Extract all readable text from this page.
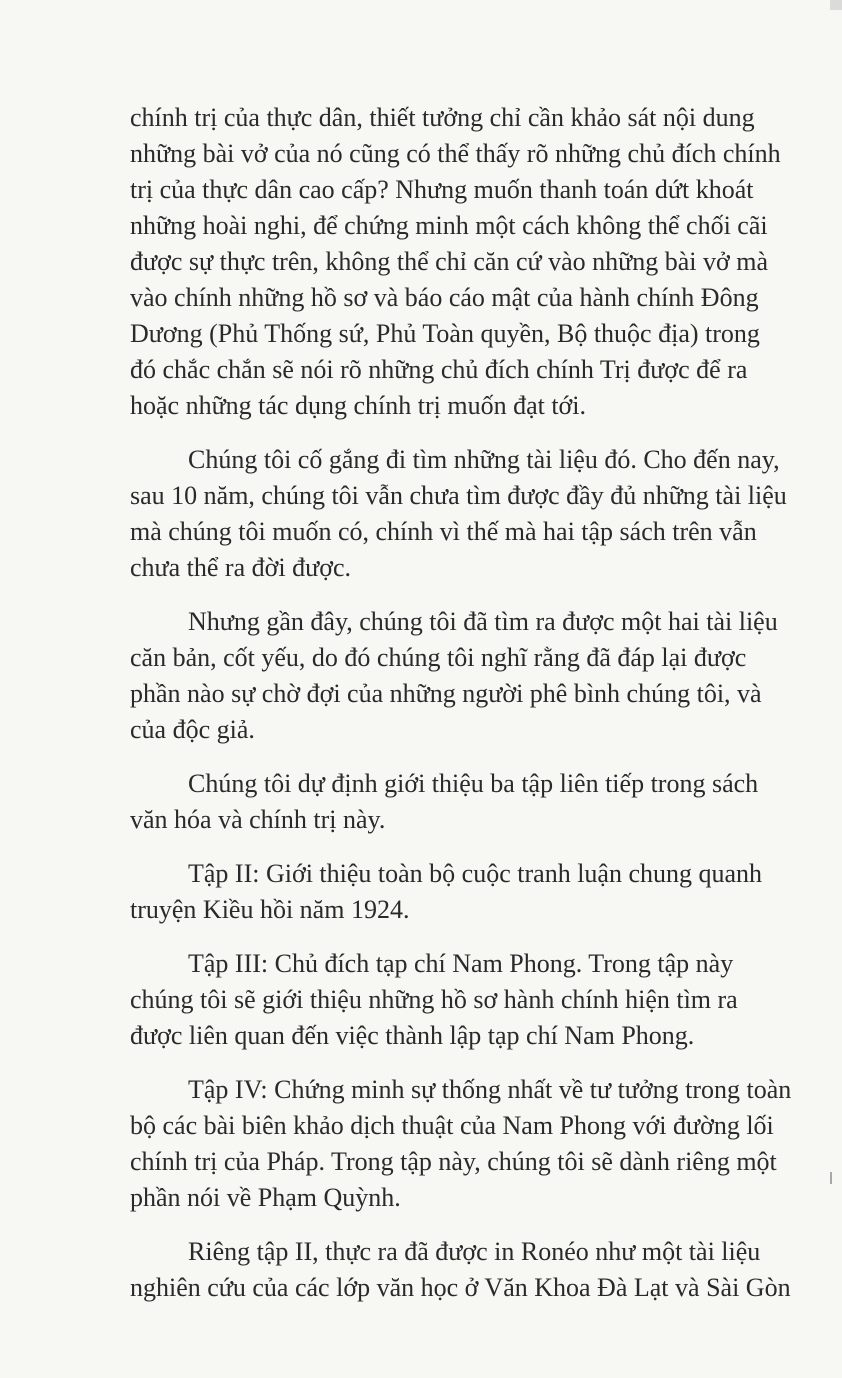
chính trị của thực dân, thiết tưởng chỉ cần khảo sát nội dung
những bài vở của nó cũng có thể thấy rõ những chủ đích chính
trị của thực dân cao cấp? Nhưng muốn thanh toán dứt khoát
những hoài nghi, để chứng minh một cách không thể chối cãi
được sự thực trên, không thể chỉ căn cứ vào những bài vở mà
vào chính những hồ sơ và báo cáo mật của hành chính Đông
Dương (Phủ Thống sứ, Phủ Toàn quyền, Bộ thuộc địa) trong
đó chắc chắn sẽ nói rõ những chủ đích chính Trị được để ra
hoặc những tác dụng chính trị muốn đạt tới.

Chúng tôi cố gắng đi tìm những tài liệu đó. Cho đến nay,
sau 10 năm, chúng tôi vẫn chưa tìm được đầy đủ những tài liệu
mà chúng tôi muốn có, chính vì thế mà hai tập sách trên vẫn
chưa thể ra đời được.

Nhưng gần đây, chúng tôi đã tìm ra được một hai tài liệu
căn bản, cốt yếu, do đó chúng tôi nghĩ rằng đã đáp lại được
phần nào sự chờ đợi của những người phê bình chúng tôi, và
của độc giả.

Chúng tôi dự định giới thiệu ba tập liên tiếp trong sách
văn hóa và chính trị này.

Tập II: Giới thiệu toàn bộ cuộc tranh luận chung quanh
truyện Kiều hồi năm 1924.

Tập III: Chủ đích tạp chí Nam Phong. Trong tập này
chúng tôi sẽ giới thiệu những hồ sơ hành chính hiện tìm ra
được liên quan đến việc thành lập tạp chí Nam Phong.

Tập IV: Chứng minh sự thống nhất về tư tưởng trong toàn
bộ các bài biên khảo dịch thuật của Nam Phong với đường lối
chính trị của Pháp. Trong tập này, chúng tôi sẽ dành riêng một
phần nói về Phạm Quỳnh.

Riêng tập II, thực ra đã được in Ronéo như một tài liệu
nghiên cứu của các lớp văn học ở Văn Khoa Đà Lạt và Sài Gòn
